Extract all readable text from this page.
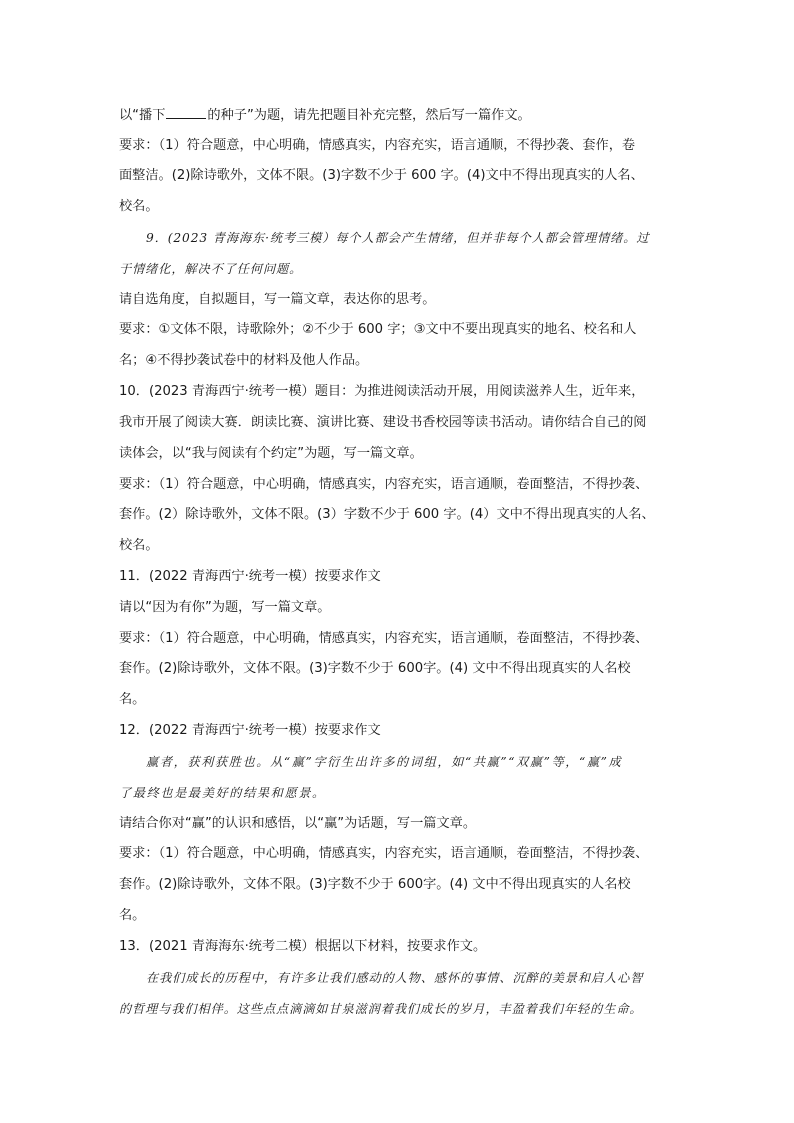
以“播下	的种子”为题，请先把题目补充完整，然后写一篇作文。
要求：（1）符合题意，中心明确，情感真实，内容充实，语言通顺，不得抄袭、套作，卷
面整洁。(2)除诗歌外，文体不限。(3)字数不少于 600 字。(4)文中不得出现真实的人名、
校名。
9．(2023 青海海东·统考三模）每个人都会产生情绪，但并非每个人都会管理情绪。过
于情绪化，解决不了任何问题。
请自选角度，自拟题目，写一篇文章，表达你的思考。
要求：①文体不限，诗歌除外；②不少于 600 字；③文中不要出现真实的地名、校名和人
名；④不得抄袭试卷中的材料及他人作品。
10．(2023 青海西宁·统考一模）题目：为推进阅读活动开展，用阅读滋养人生，近年来，
我市开展了阅读大赛．朗读比赛、演讲比赛、建设书香校园等读书活动。请你结合自己的阅
读体会，以“我与阅读有个约定”为题，写一篇文章。
要求：（1）符合题意，中心明确，情感真实，内容充实，语言通顺，卷面整洁，不得抄袭、
套作。(2）除诗歌外，文体不限。(3）字数不少于 600 字。(4）文中不得出现真实的人名、
校名。
11．(2022 青海西宁·统考一模）按要求作文
请以“因为有你”为题，写一篇文章。
要求：（1）符合题意，中心明确，情感真实，内容充实，语言通顺，卷面整洁，不得抄袭、
套作。(2)除诗歌外，文体不限。(3)字数不少于 600字。(4) 文中不得出现真实的人名校
名。
12．(2022 青海西宁·统考一模）按要求作文
赢者，获利获胜也。从“赢”字衍生出许多的词组，如“共赢”“双赢”等，“赢”成
了最终也是最美好的结果和愿景。
请结合你对“赢”的认识和感悟，以“赢”为话题，写一篇文章。
要求：（1）符合题意，中心明确，情感真实，内容充实，语言通顺，卷面整洁，不得抄袭、
套作。(2)除诗歌外，文体不限。(3)字数不少于 600字。(4) 文中不得出现真实的人名校
名。
13．(2021 青海海东·统考二模）根据以下材料，按要求作文。
在我们成长的历程中，有许多让我们感动的人物、感怀的事情、沉醉的美景和启人心智
的哲理与我们相伴。这些点点滴滴如甘泉滋润着我们成长的岁月，丰盈着我们年轻的生命。
